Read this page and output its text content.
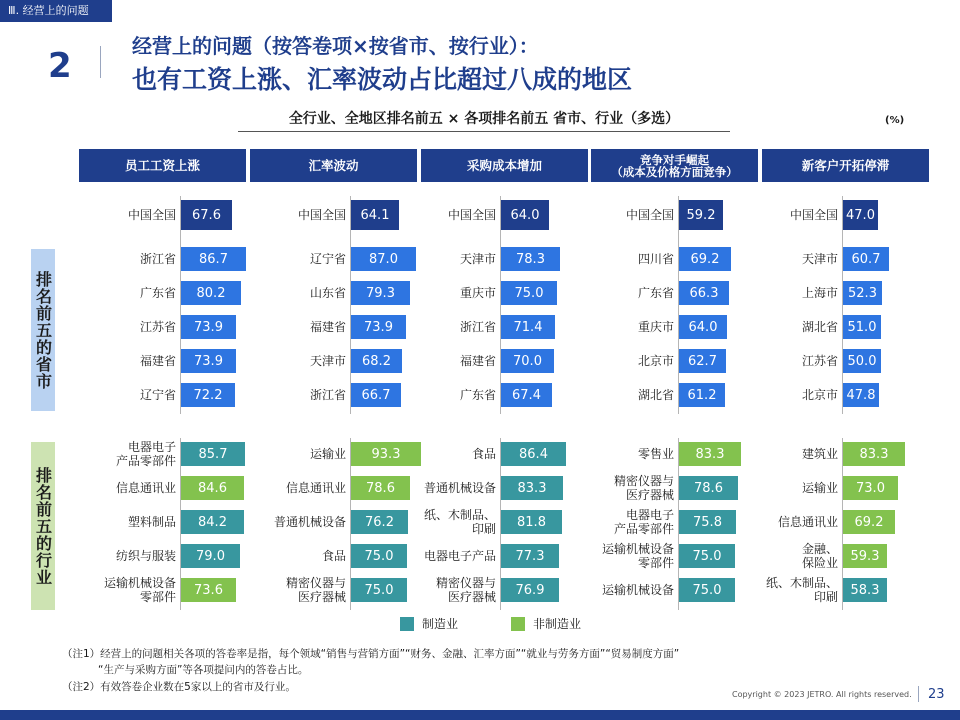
Ⅲ. 经营上的问题
2	经营上的问题（按答卷项×按省市、按行业）：
也有工资上涨、汇率波动占比超过八成的地区
全行业、全地区排名前五 × 各项排名前五 省市、行业（多选）	(%)
排名前五的省市
排名前五的行业
员工工资上涨
中国全国	67.6
浙江省	86.7
广东省	80.2
江苏省	73.9
福建省	73.9
辽宁省	72.2
电器电子
产品零部件	85.7
信息通讯业	84.6
塑料制品	84.2
纺织与服装	79.0
运输机械设备
零部件	73.6
汇率波动
中国全国	64.1
辽宁省	87.0
山东省	79.3
福建省	73.9
天津市	68.2
浙江省	66.7
运输业	93.3
信息通讯业	78.6
普通机械设备	76.2
食品	75.0
精密仪器与
医疗器械	75.0
采购成本增加
中国全国	64.0
天津市	78.3
重庆市	75.0
浙江省	71.4
福建省	70.0
广东省	67.4
食品	86.4
普通机械设备	83.3
纸、木制品、
印刷	81.8
电器电子产品	77.3
精密仪器与
医疗器械	76.9
竞争对手崛起
（成本及价格方面竞争）
中国全国 59.2
四川省	69.2
广东省	66.3
重庆市	64.0
北京市	62.7
湖北省	61.2
零售业	83.3
精密仪器与
医疗器械	78.6
电器电子
产品零部件	75.8
运输机械设备
零部件	75.0
运输机械设备	75.0
新客户开拓停滞
中国全国 47.0
天津市	60.7
上海市 52.3
湖北省 51.0
江苏省 50.0
北京市 47.8
建筑业	83.3
运输业	73.0
信息通讯业	69.2
金融、
保险业 59.3
纸、木制品、
印刷 58.3
制造业	非制造业
（注1）经营上的问题相关各项的答卷率是指，每个领域“销售与营销方面”“财务、金融、汇率方面”“就业与劳务方面”“贸易制度方面”
“生产与采购方面”等各项提问内的答卷占比。
（注2）有效答卷企业数在5家以上的省市及行业。
Copyright © 2023 JETRO. All rights reserved. 23
